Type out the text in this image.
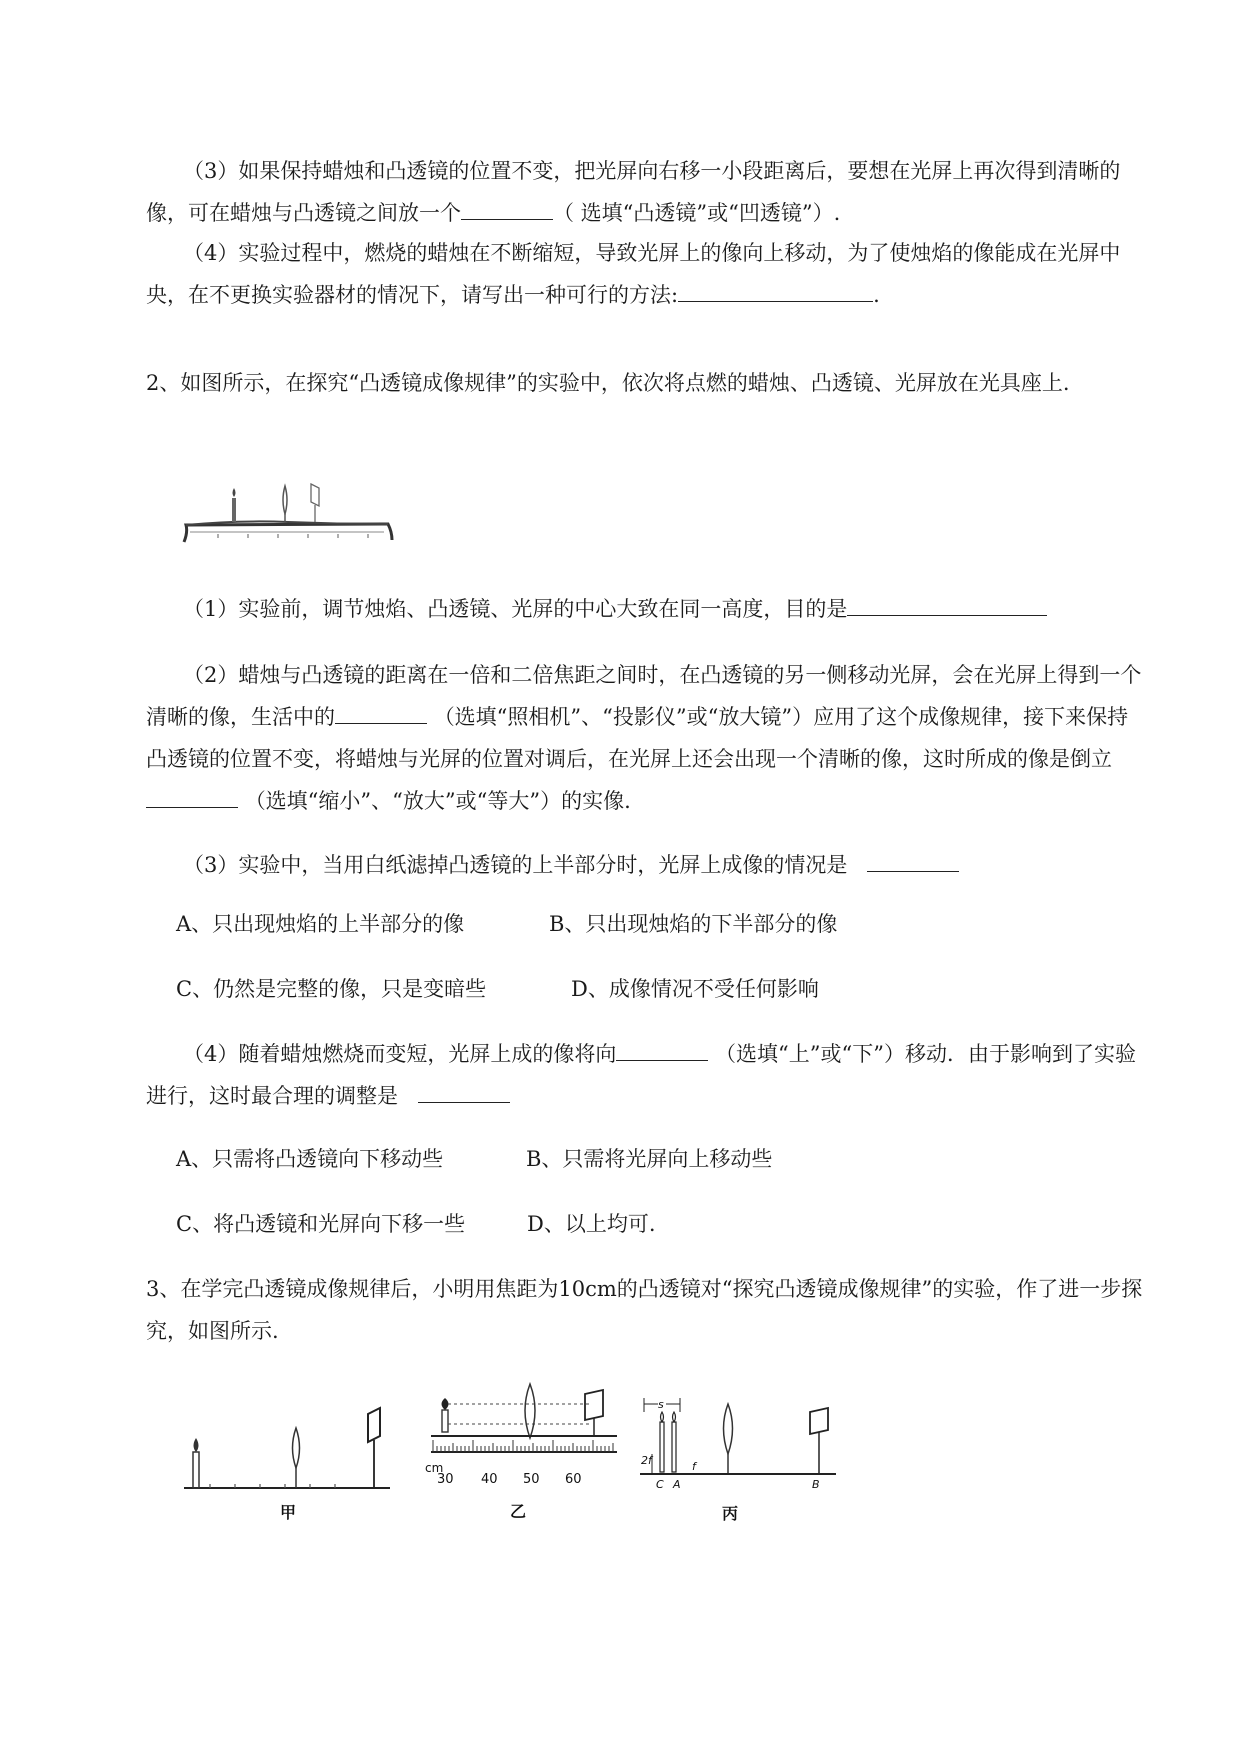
（3）如果保持蜡烛和凸透镜的位置不变，把光屏向右移一小段距离后，要想在光屏上再次得到清晰的像，可在蜡烛与凸透镜之间放一个	（ 选填“凸透镜”或“凹透镜”）.

（4）实验过程中，燃烧的蜡烛在不断缩短，导致光屏上的像向上移动，为了使烛焰的像能成在光屏中央，在不更换实验器材的情况下，请写出一种可行的方法:	.

2、如图所示，在探究“凸透镜成像规律”的实验中，依次将点燃的蜡烛、凸透镜、光屏放在光具座上.

（1）实验前，调节烛焰、凸透镜、光屏的中心大致在同一高度，目的是

（2）蜡烛与凸透镜的距离在一倍和二倍焦距之间时，在凸透镜的另一侧移动光屏，会在光屏上得到一个清晰的像，生活中的	（选填“照相机”、“投影仪”或“放大镜”）应用了这个成像规律，接下来保持凸透镜的位置不变，将蜡烛与光屏的位置对调后，在光屏上还会出现一个清晰的像，这时所成的像是倒立 （选填“缩小”、“放大”或“等大”）的实像.

（3）实验中，当用白纸滤掉凸透镜的上半部分时，光屏上成像的情况是

A、只出现烛焰的上半部分的像	B、只出现烛焰的下半部分的像
C、仍然是完整的像，只是变暗些	D、成像情况不受任何影响

（4）随着蜡烛燃烧而变短，光屏上成的像将向	（选填“上”或“下”）移动．由于影响到了实验进行，这时最合理的调整是

A、只需将凸透镜向下移动些	B、只需将光屏向上移动些
C、将凸透镜和光屏向下移一些	D、以上均可.

3、在学完凸透镜成像规律后，小明用焦距为10cm的凸透镜对“探究凸透镜成像规律”的实验，作了进一步探究，如图所示.

甲
cm
30 40 50 60
乙
s
2f	f
C A	B
丙
